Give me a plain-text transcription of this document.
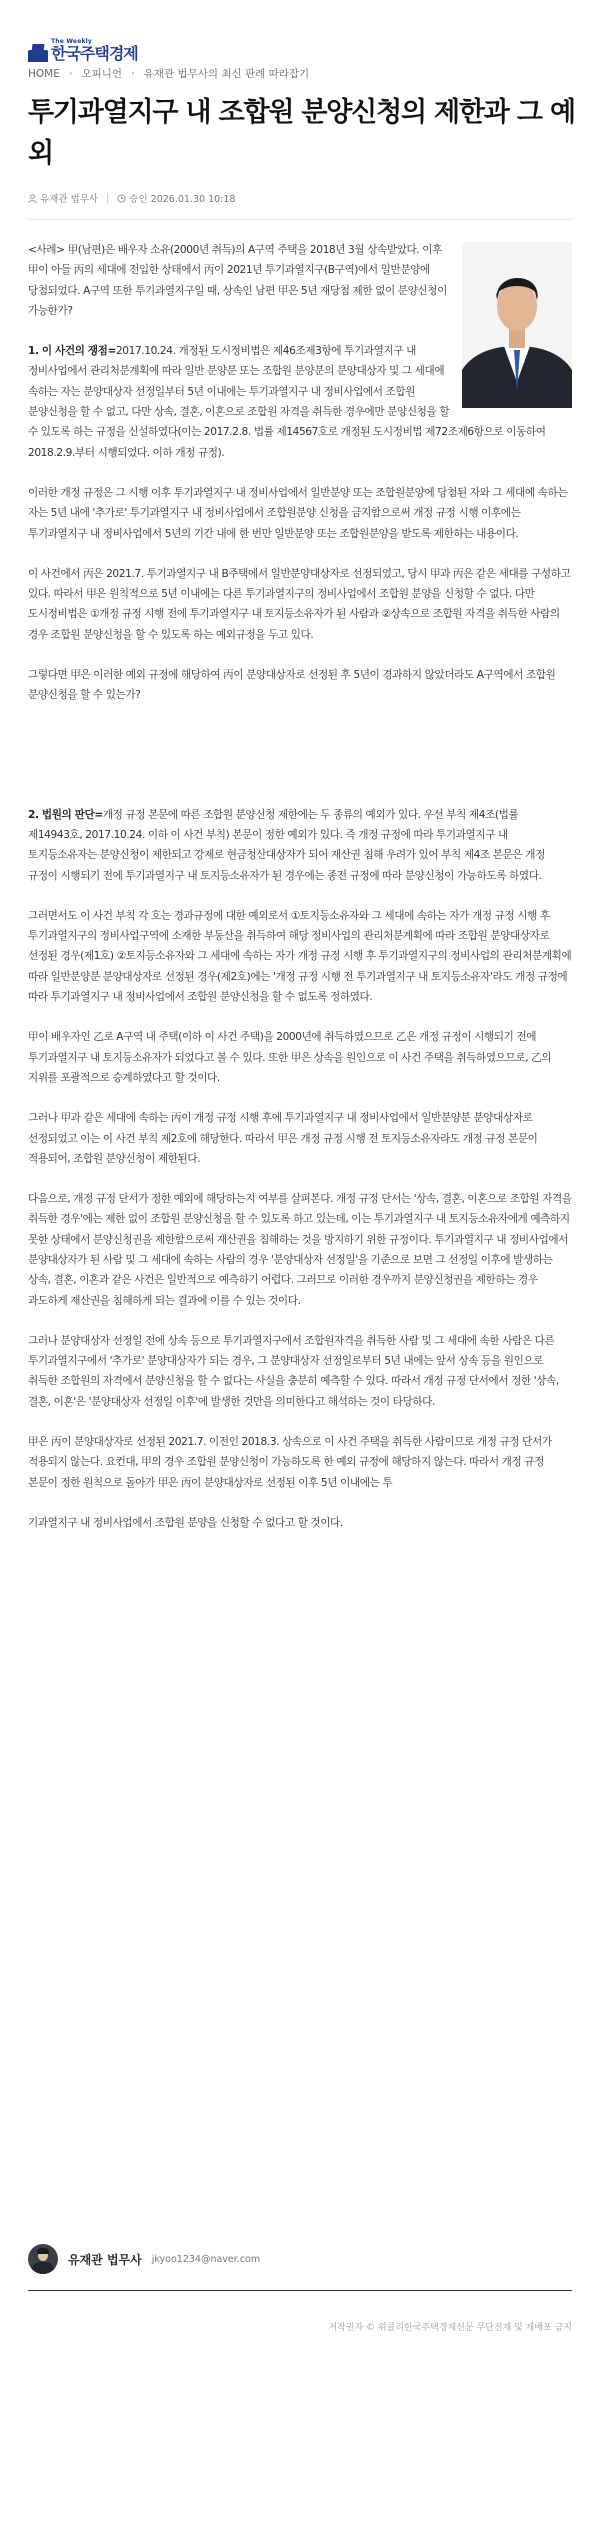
The Weekly
한국주택경제
HOME › 오피니언 › 유재관 법무사의 최신 판례 따라잡기
투기과열지구 내 조합원 분양신청의 제한과 그 예외
유재관 법무사 | 승인 2026.01.30 10:18

<사례> 甲(남편)은 배우자 소유(2000년 취득)의 A구역 주택을 2018년 3월 상속받았다. 이후 甲이 아들 丙의 세대에 전입한 상태에서 丙이 2021년 투기과열지구(B구역)에서 일반분양에 당첨되었다. A구역 또한 투기과열지구일 때, 상속인 남편 甲은 5년 재당첨 제한 없이 분양신청이 가능한가?

1. 이 사건의 쟁점=2017.10.24. 개정된 도시정비법은 제46조제3항에 투기과열지구 내 정비사업에서 관리처분계획에 따라 일반 분양분 또는 조합원 분양분의 분양대상자 및 그 세대에 속하는 자는 분양대상자 선정일부터 5년 이내에는 투기과열지구 내 정비사업에서 조합원 분양신청을 할 수 없고, 다만 상속, 결혼, 이혼으로 조합원 자격을 취득한 경우에만 분양신청을 할 수 있도록 하는 규정을 신설하였다(이는 2017.2.8. 법률 제14567호로 개정된 도시정비법 제72조제6항으로 이동하여 2018.2.9.부터 시행되었다. 이하 개정 규정).

이러한 개정 규정은 그 시행 이후 투기과열지구 내 정비사업에서 일반분양 또는 조합원분양에 당첨된 자와 그 세대에 속하는 자는 5년 내에 '추가로' 투기과열지구 내 정비사업에서 조합원분양 신청을 금지함으로써 개정 규정 시행 이후에는 투기과열지구 내 정비사업에서 5년의 기간 내에 한 번만 일반분양 또는 조합원분양을 받도록 제한하는 내용이다.

이 사건에서 丙은 2021.7. 투기과열지구 내 B주택에서 일반분양대상자로 선정되었고, 당시 甲과 丙은 같은 세대를 구성하고 있다. 따라서 甲은 원칙적으로 5년 이내에는 다른 투기과열지구의 정비사업에서 조합원 분양을 신청할 수 없다. 다만 도시정비법은 ①개정 규정 시행 전에 투기과열지구 내 토지등소유자가 된 사람과 ②상속으로 조합원 자격을 취득한 사람의 경우 조합원 분양신청을 할 수 있도록 하는 예외규정을 두고 있다.

그렇다면 甲은 이러한 예외 규정에 해당하여 丙이 분양대상자로 선정된 후 5년이 경과하지 않았더라도 A구역에서 조합원 분양신청을 할 수 있는가?

2. 법원의 판단=개정 규정 본문에 따른 조합원 분양신청 제한에는 두 종류의 예외가 있다. 우선 부칙 제4조(법률 제14943호, 2017.10.24. 이하 이 사건 부칙) 본문이 정한 예외가 있다. 즉 개정 규정에 따라 투기과열지구 내 토지등소유자는 분양신청이 제한되고 강제로 현금청산대상자가 되어 재산권 침해 우려가 있어 부칙 제4조 본문은 개정 규정이 시행되기 전에 투기과열지구 내 토지등소유자가 된 경우에는 종전 규정에 따라 분양신청이 가능하도록 하였다.

그러면서도 이 사건 부칙 각 호는 경과규정에 대한 예외로서 ①토지등소유자와 그 세대에 속하는 자가 개정 규정 시행 후 투기과열지구의 정비사업구역에 소재한 부동산을 취득하여 해당 정비사업의 관리처분계획에 따라 조합원 분양대상자로 선정된 경우(제1호) ②토지등소유자와 그 세대에 속하는 자가 개정 규정 시행 후 투기과열지구의 정비사업의 관리처분계획에 따라 일반분양분 분양대상자로 선정된 경우(제2호)에는 '개정 규정 시행 전 투기과열지구 내 토지등소유자'라도 개정 규정에 따라 투기과열지구 내 정비사업에서 조합원 분양신청을 할 수 없도록 정하였다.

甲이 배우자인 乙로 A구역 내 주택(이하 이 사건 주택)을 2000년에 취득하였으므로 乙은 개정 규정이 시행되기 전에 투기과열지구 내 토지등소유자가 되었다고 볼 수 있다. 또한 甲은 상속을 원인으로 이 사건 주택을 취득하였으므로, 乙의 지위를 포괄적으로 승계하였다고 할 것이다.

그러나 甲과 같은 세대에 속하는 丙이 개정 규정 시행 후에 투기과열지구 내 정비사업에서 일반분양분 분양대상자로 선정되었고 이는 이 사건 부칙 제2호에 해당한다. 따라서 甲은 개정 규정 시행 전 토지등소유자라도 개정 규정 본문이 적용되어, 조합원 분양신청이 제한된다.

다음으로, 개정 규정 단서가 정한 예외에 해당하는지 여부를 살펴본다. 개정 규정 단서는 '상속, 결혼, 이혼으로 조합원 자격을 취득한 경우'에는 제한 없이 조합원 분양신청을 할 수 있도록 하고 있는데, 이는 투기과열지구 내 토지등소유자에게 예측하지 못한 상태에서 분양신청권을 제한함으로써 재산권을 침해하는 것을 방지하기 위한 규정이다. 투기과열지구 내 정비사업에서 분양대상자가 된 사람 및 그 세대에 속하는 사람의 경우 '분양대상자 선정일'을 기준으로 보면 그 선정일 이후에 발생하는 상속, 결혼, 이혼과 같은 사건은 일반적으로 예측하기 어렵다. 그러므로 이러한 경우까지 분양신청권을 제한하는 경우 과도하게 재산권을 침해하게 되는 결과에 이를 수 있는 것이다.

그러나 분양대상자 선정일 전에 상속 등으로 투기과열지구에서 조합원자격을 취득한 사람 및 그 세대에 속한 사람은 다른 투기과열지구에서 '추가로' 분양대상자가 되는 경우, 그 분양대상자 선정일로부터 5년 내에는 앞서 상속 등을 원인으로 취득한 조합원의 자격에서 분양신청을 할 수 없다는 사실을 충분히 예측할 수 있다. 따라서 개정 규정 단서에서 정한 '상속, 결혼, 이혼'은 '분양대상자 선정일 이후'에 발생한 것만을 의미한다고 해석하는 것이 타당하다.

甲은 丙이 분양대상자로 선정된 2021.7. 이전인 2018.3. 상속으로 이 사건 주택을 취득한 사람이므로 개정 규정 단서가 적용되지 않는다. 요컨대, 甲의 경우 조합원 분양신청이 가능하도록 한 예외 규정에 해당하지 않는다. 따라서 개정 규정 본문이 정한 원칙으로 돌아가 甲은 丙이 분양대상자로 선정된 이후 5년 이내에는 투

기과열지구 내 정비사업에서 조합원 분양을 신청할 수 없다고 할 것이다.

유재관 법무사 jkyoo1234@naver.com
저작권자 © 위클리한국주택경제신문 무단전재 및 재배포 금지
